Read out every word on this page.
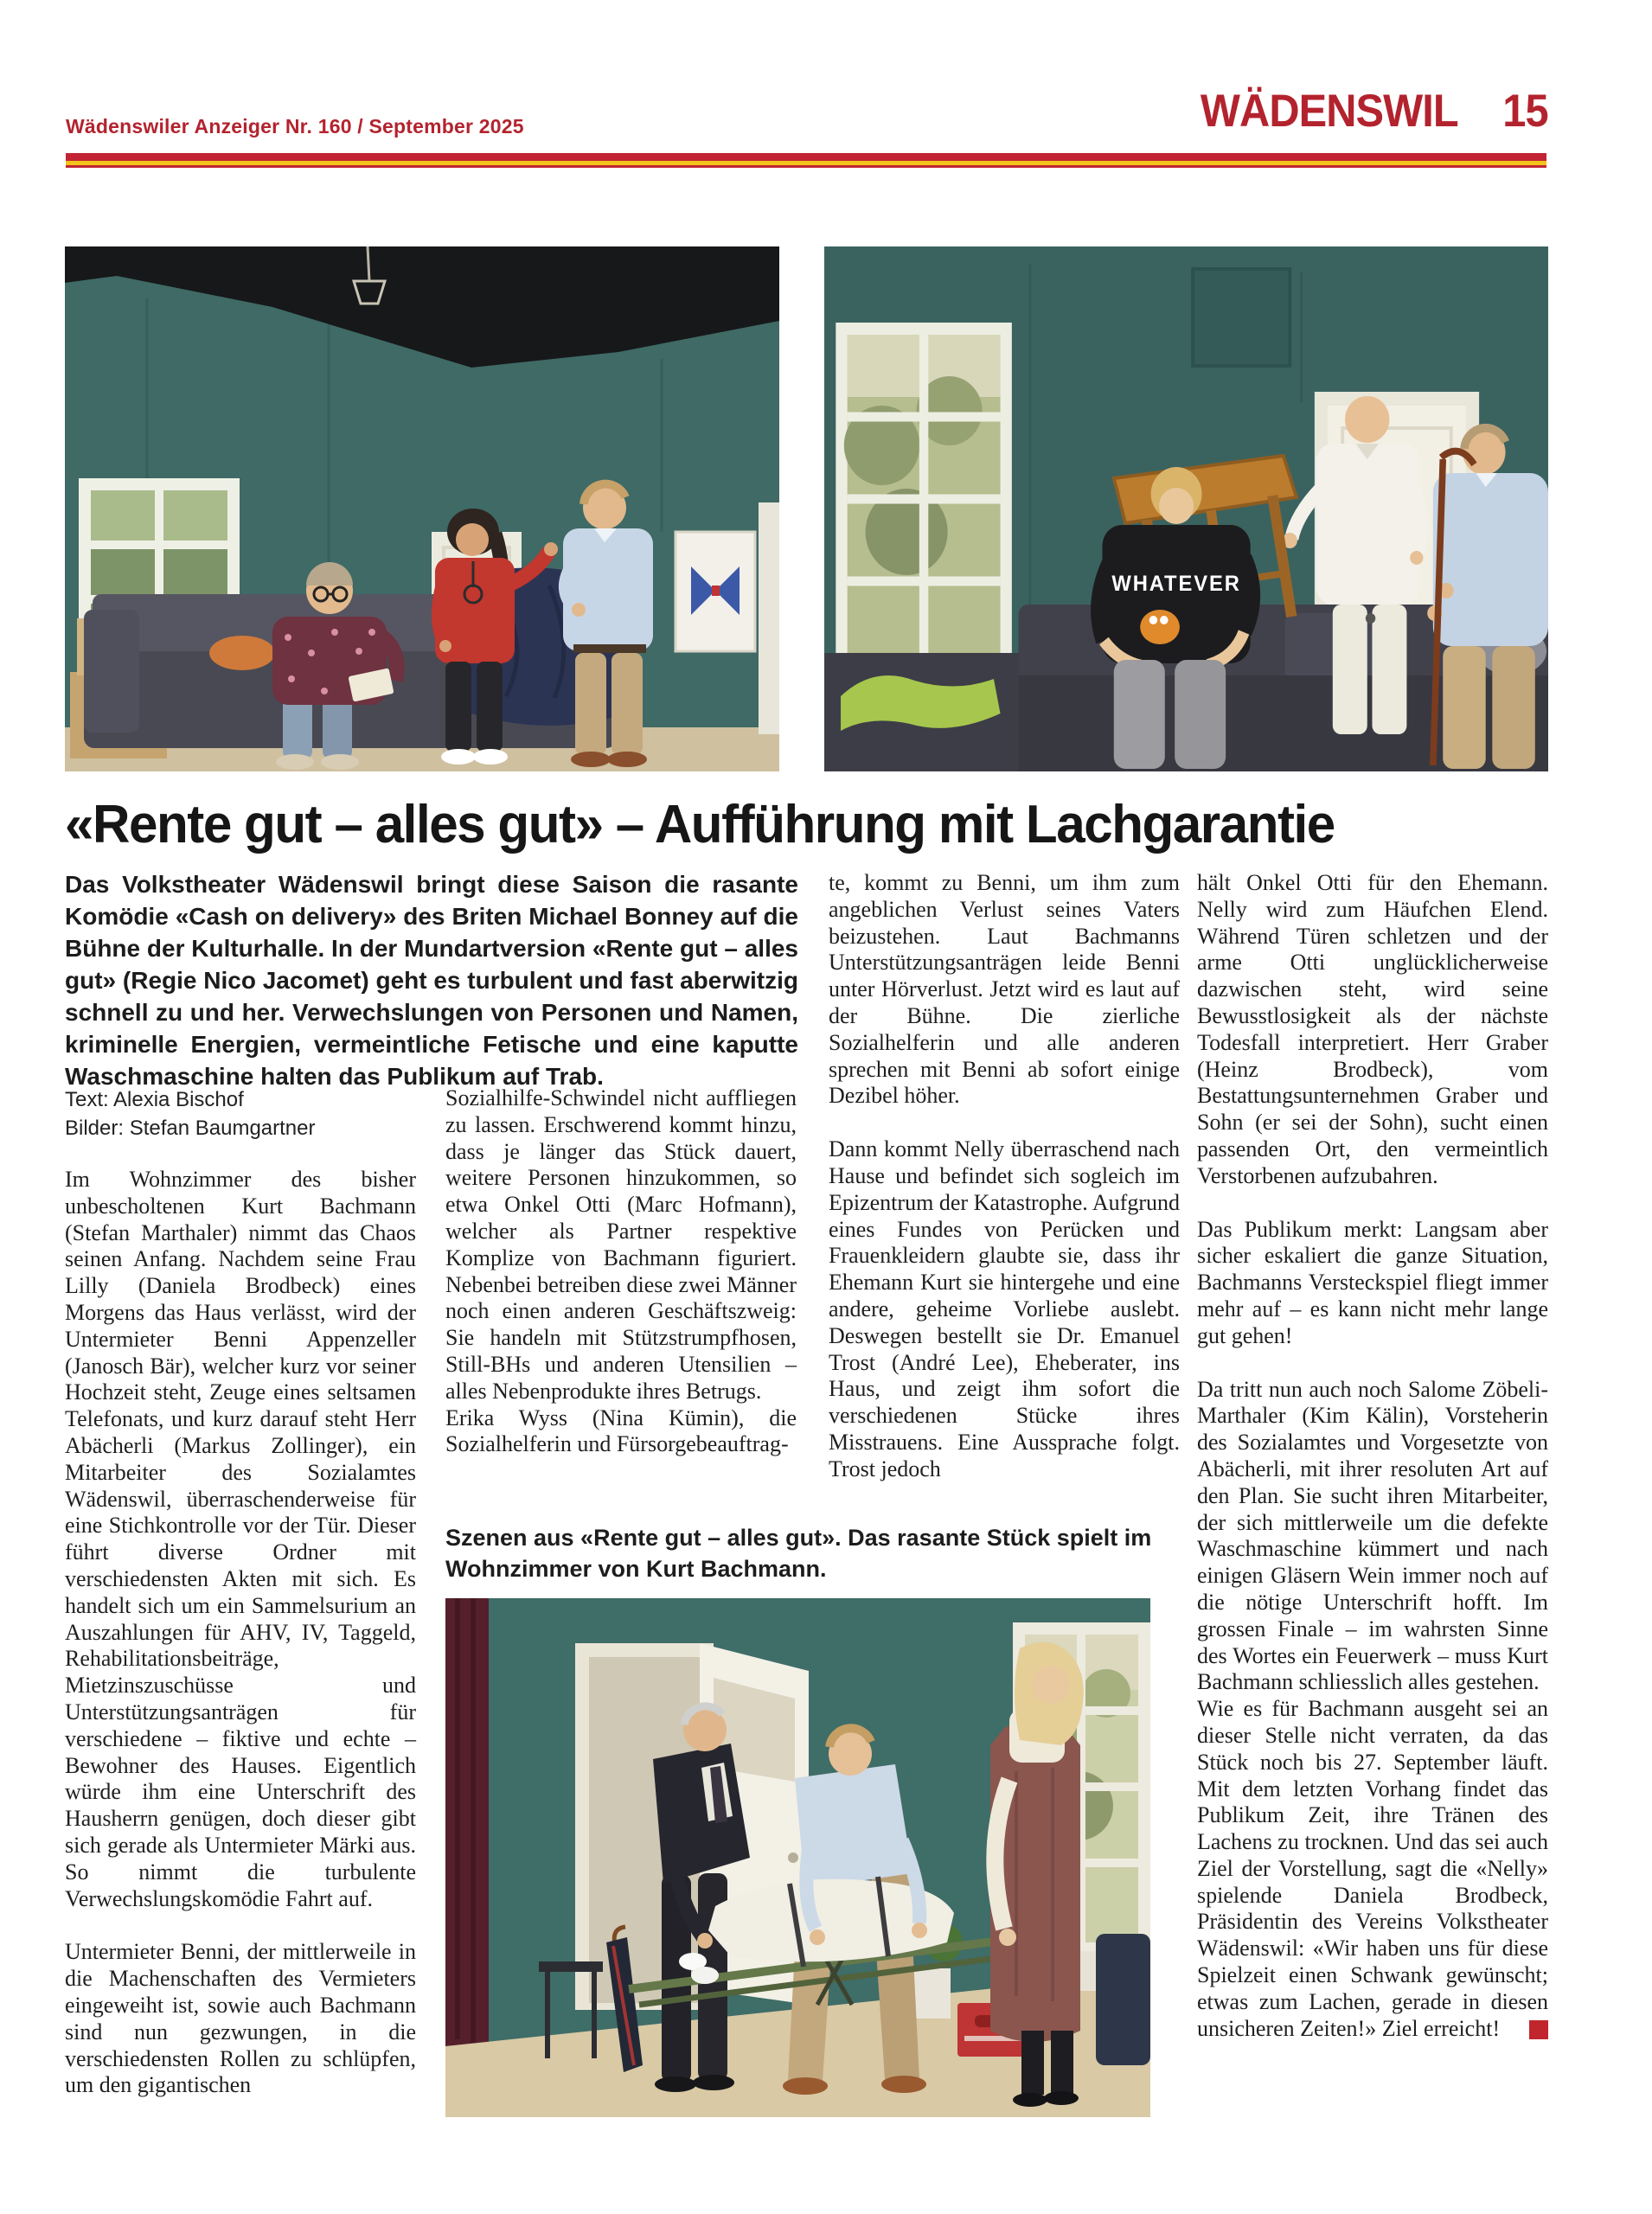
Wädenswiler Anzeiger Nr. 160 / September 2025	WÄDENSWIL 15
WHATEVER
«Rente gut – alles gut» – Aufführung mit Lachgarantie

Das Volkstheater Wädenswil bringt diese Saison die rasante Komödie «Cash on delivery» des Briten Michael Bonney auf die Bühne der Kulturhalle. In der Mundartversion «Rente gut – alles gut» (Regie Nico Jacomet) geht es turbulent und fast aberwitzig schnell zu und her. Verwechslungen von Personen und Namen, kriminelle Energien, vermeintliche Fetische und eine kaputte Waschmaschine halten das Publikum auf Trab.

Text: Alexia Bischof
Bilder: Stefan Baumgartner

Im Wohnzimmer des bisher unbescholtenen Kurt Bachmann (Stefan Marthaler) nimmt das Chaos seinen Anfang. Nachdem seine Frau Lilly (Daniela Brodbeck) eines Morgens das Haus verlässt, wird der Untermieter Benni Appenzeller (Janosch Bär), welcher kurz vor seiner Hochzeit steht, Zeuge eines seltsamen Telefonats, und kurz darauf steht Herr Abächerli (Markus Zollinger), ein Mitarbeiter des Sozialamtes Wädenswil, überraschenderweise für eine Stichkontrolle vor der Tür. Dieser führt diverse Ordner mit verschiedensten Akten mit sich. Es handelt sich um ein Sammelsurium an Auszahlungen für AHV, IV, Taggeld, Rehabilitationsbeiträge, Mietzinszuschüsse und Unterstützungsanträgen für verschiedene – fiktive und echte – Bewohner des Hauses. Eigentlich würde ihm eine Unterschrift des Hausherrn genügen, doch dieser gibt sich gerade als Untermieter Märki aus. So nimmt die turbulente Verwechslungskomödie Fahrt auf.

Untermieter Benni, der mittlerweile in die Machenschaften des Vermieters eingeweiht ist, sowie auch Bachmann sind nun gezwungen, in die verschiedensten Rollen zu schlüpfen, um den gigantischen

Sozialhilfe-Schwindel nicht auffliegen zu lassen. Erschwerend kommt hinzu, dass je länger das Stück dauert, weitere Personen hinzukommen, so etwa Onkel Otti (Marc Hofmann), welcher als Partner respektive Komplize von Bachmann figuriert. Nebenbei betreiben diese zwei Männer noch einen anderen Geschäftszweig: Sie handeln mit Stützstrumpfhosen, Still-BHs und anderen Utensilien – alles Nebenprodukte ihres Betrugs.

Erika Wyss (Nina Kümin), die Sozialhelferin und Fürsorgebeauftrag-

te, kommt zu Benni, um ihm zum angeblichen Verlust seines Vaters beizustehen. Laut Bachmanns Unterstützungsanträgen leide Benni unter Hörverlust. Jetzt wird es laut auf der Bühne. Die zierliche Sozialhelferin und alle anderen sprechen mit Benni ab sofort einige Dezibel höher.

Dann kommt Nelly überraschend nach Hause und befindet sich sogleich im Epizentrum der Katastrophe. Aufgrund eines Fundes von Perücken und Frauenkleidern glaubte sie, dass ihr Ehemann Kurt sie hintergehe und eine andere, geheime Vorliebe auslebt. Deswegen bestellt sie Dr. Emanuel Trost (André Lee), Eheberater, ins Haus, und zeigt ihm sofort die verschiedenen Stücke ihres Misstrauens. Eine Aussprache folgt. Trost jedoch

hält Onkel Otti für den Ehemann. Nelly wird zum Häufchen Elend. Während Türen schletzen und der arme Otti unglücklicherweise dazwischen steht, wird seine Bewusstlosigkeit als der nächste Todesfall interpretiert. Herr Graber (Heinz Brodbeck), vom Bestattungsunternehmen Graber und Sohn (er sei der Sohn), sucht einen passenden Ort, den vermeintlich Verstorbenen aufzubahren.

Das Publikum merkt: Langsam aber sicher eskaliert die ganze Situation, Bachmanns Versteckspiel fliegt immer mehr auf – es kann nicht mehr lange gut gehen!

Da tritt nun auch noch Salome Zöbeli-Marthaler (Kim Kälin), Vorsteherin des Sozialamtes und Vorgesetzte von Abächerli, mit ihrer resoluten Art auf den Plan. Sie sucht ihren Mitarbeiter, der sich mittlerweile um die defekte Waschmaschine kümmert und nach einigen Gläsern Wein immer noch auf die nötige Unterschrift hofft. Im grossen Finale – im wahrsten Sinne des Wortes ein Feuerwerk – muss Kurt Bachmann schliesslich alles gestehen.

Wie es für Bachmann ausgeht sei an dieser Stelle nicht verraten, da das Stück noch bis 27. September läuft. Mit dem letzten Vorhang findet das Publikum Zeit, ihre Tränen des Lachens zu trocknen. Und das sei auch Ziel der Vorstellung, sagt die «Nelly» spielende Daniela Brodbeck, Präsidentin des Vereins Volkstheater Wädenswil: «Wir haben uns für diese Spielzeit einen Schwank gewünscht; etwas zum Lachen, gerade in diesen unsicheren Zeiten!» Ziel erreicht!

Szenen aus «Rente gut – alles gut». Das rasante Stück spielt im Wohnzimmer von Kurt Bachmann.
